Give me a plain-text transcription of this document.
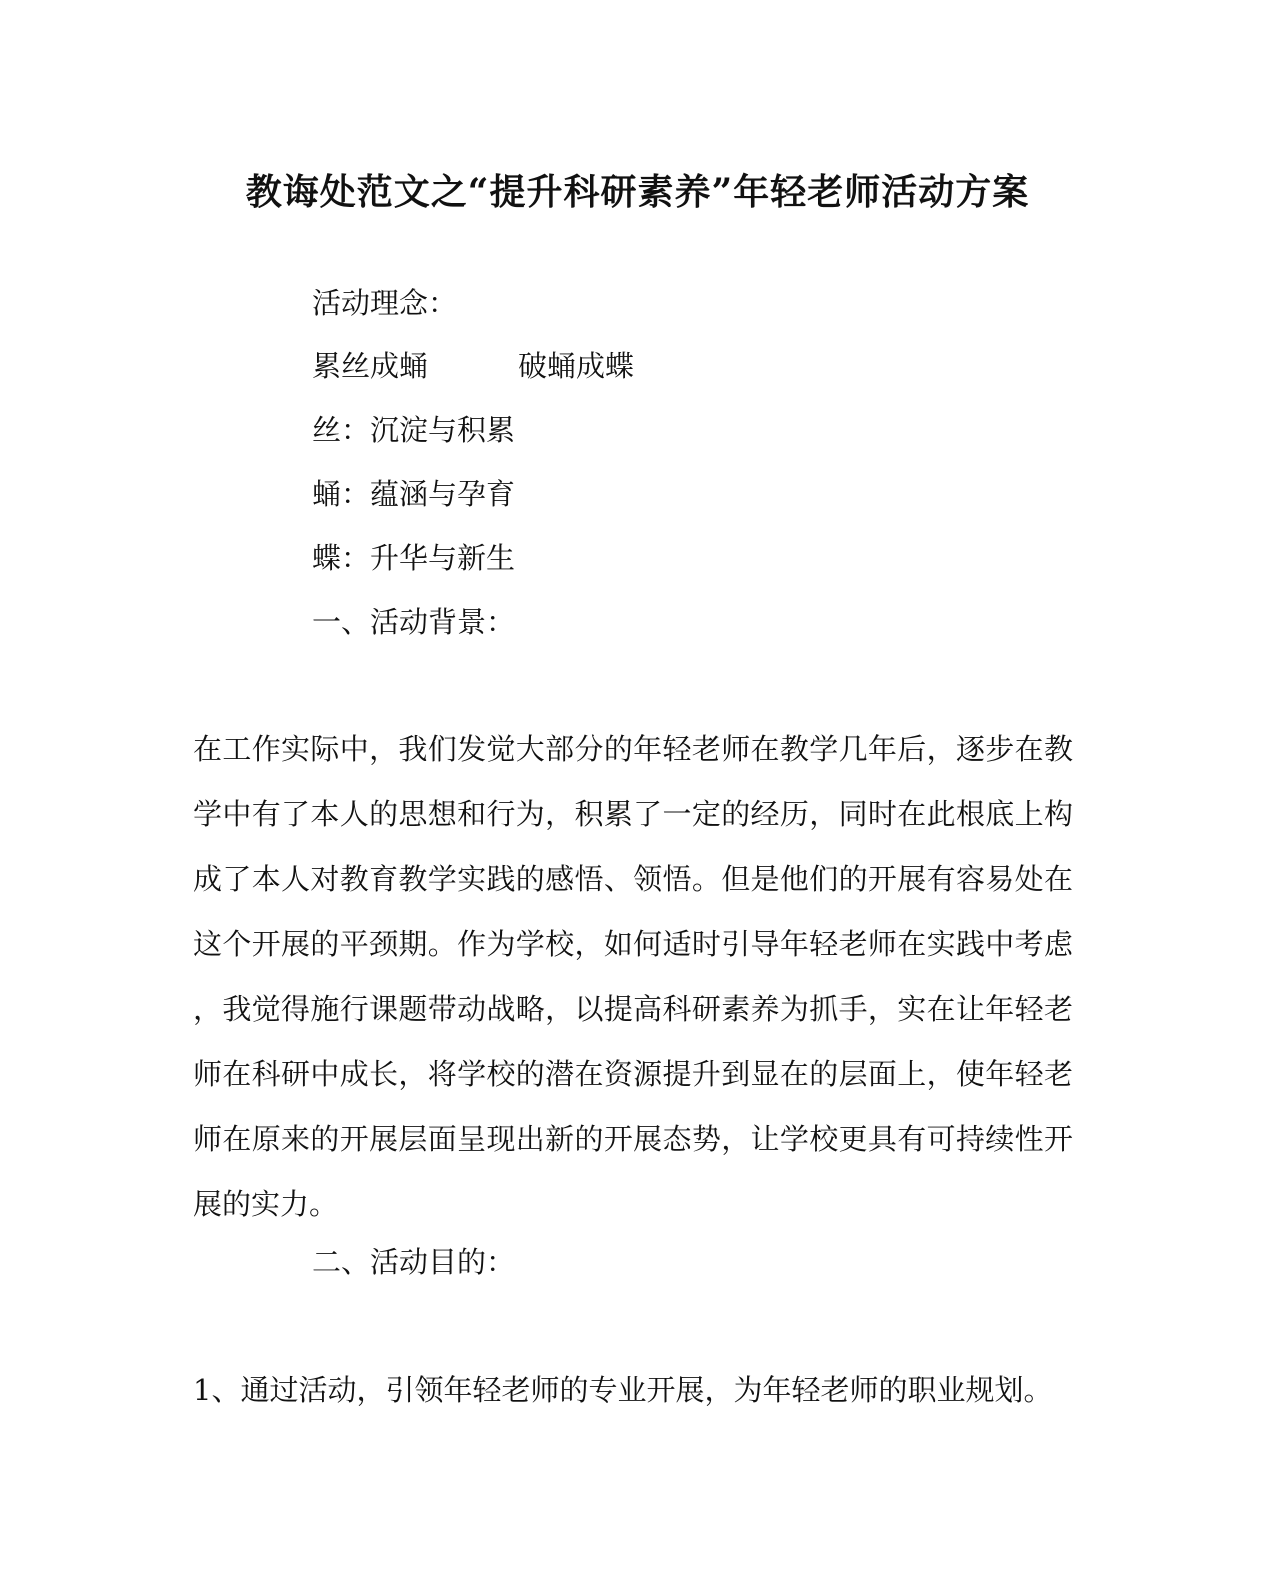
教诲处范文之“提升科研素养”年轻老师活动方案
活动理念：
累丝成蛹	破蛹成蝶
丝：沉淀与积累
蛹：蕴涵与孕育
蝶：升华与新生
一、活动背景：
在工作实际中，我们发觉大部分的年轻老师在教学几年后，逐步在教
学中有了本人的思想和行为，积累了一定的经历，同时在此根底上构
成了本人对教育教学实践的感悟、领悟。但是他们的开展有容易处在
这个开展的平颈期。作为学校，如何适时引导年轻老师在实践中考虑
，我觉得施行课题带动战略，以提高科研素养为抓手，实在让年轻老
师在科研中成长，将学校的潜在资源提升到显在的层面上，使年轻老
师在原来的开展层面呈现出新的开展态势，让学校更具有可持续性开
展的实力。
二、活动目的：
1、通过活动，引领年轻老师的专业开展，为年轻老师的职业规划。
